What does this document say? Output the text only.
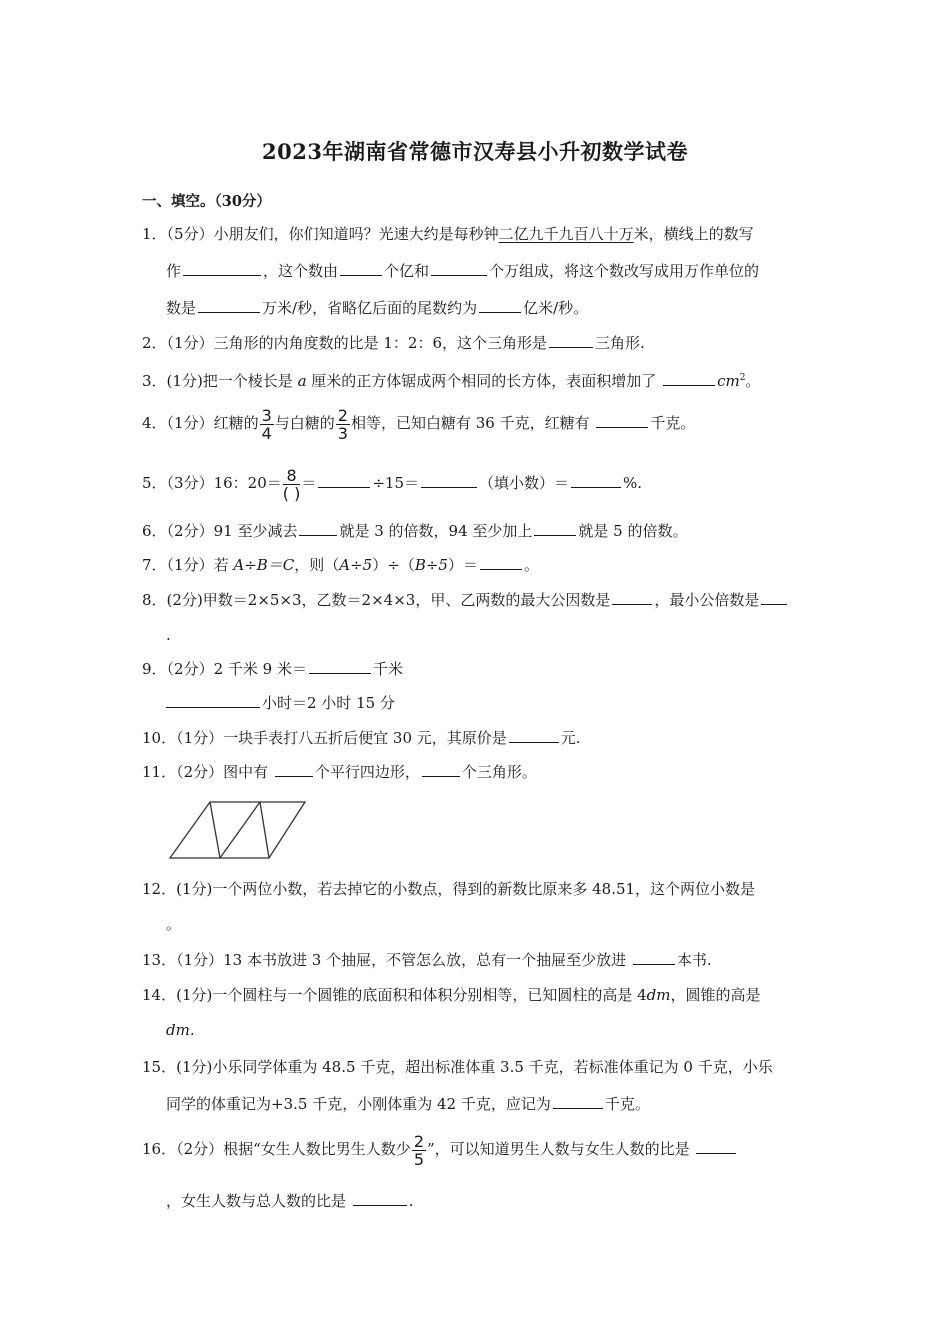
2023年湖南省常德市汉寿县小升初数学试卷
一、填空。（30分）
1．（5分）小朋友们，你们知道吗？光速大约是每秒钟二亿九千九百八十万米，横线上的数写
作	，这个数由	个亿和	个万组成，将这个数改写成用万作单位的
数是	万米/秒，省略亿后面的尾数约为	亿米/秒。
2．（1分）三角形的内角度数的比是 1：2：6，这个三角形是	三角形.
3．(1分)把一个棱长是 a 厘米的正方体锯成两个相同的长方体，表面积增加了	$cm^2$。
4．（1分）红糖的 $\frac{3}{4}$ 与白糖的 $\frac{2}{3}$ 相等，已知白糖有 36 千克，红糖有	千克。
5．（3分）16：$20= \frac{8}{( )}$ ＝	÷15＝	（填小数）＝	%.
6．（2分）91 至少减去	就是 3 的倍数，94 至少加上	就是 5 的倍数。
7．（1分）若 A÷B＝C，则（A÷5）÷（B÷5）＝	。
8．(2分)甲数＝2×5×3，乙数＝2×4×3，甲、乙两数的最大公因数是	，最小公倍数是
.
9．（2分）2 千米 9 米＝	千米
小时＝2 小时 15 分
10．（1分）一块手表打八五折后便宜 30 元，其原价是	元.
11．（2分）图中有	个平行四边形，	个三角形。
12．(1分)一个两位小数，若去掉它的小数点，得到的新数比原来多 48.51，这个两位小数是
。
13．（1分）13 本书放进 3 个抽屉，不管怎么放，总有一个抽屉至少放进	本书.
14．(1分)一个圆柱与一个圆锥的底面积和体积分别相等，已知圆柱的高是 4dm，圆锥的高是
dm.
15．(1分)小乐同学体重为 48.5 千克，超出标准体重 3.5 千克，若标准体重记为 0 千克，小乐
同学的体重记为+3.5 千克，小刚体重为 42 千克，应记为	千克。
16．（2分）根据“女生人数比男生人数少 $\frac{2}{5}$ ”，可以知道男生人数与女生人数的比是
，女生人数与总人数的比是	.
